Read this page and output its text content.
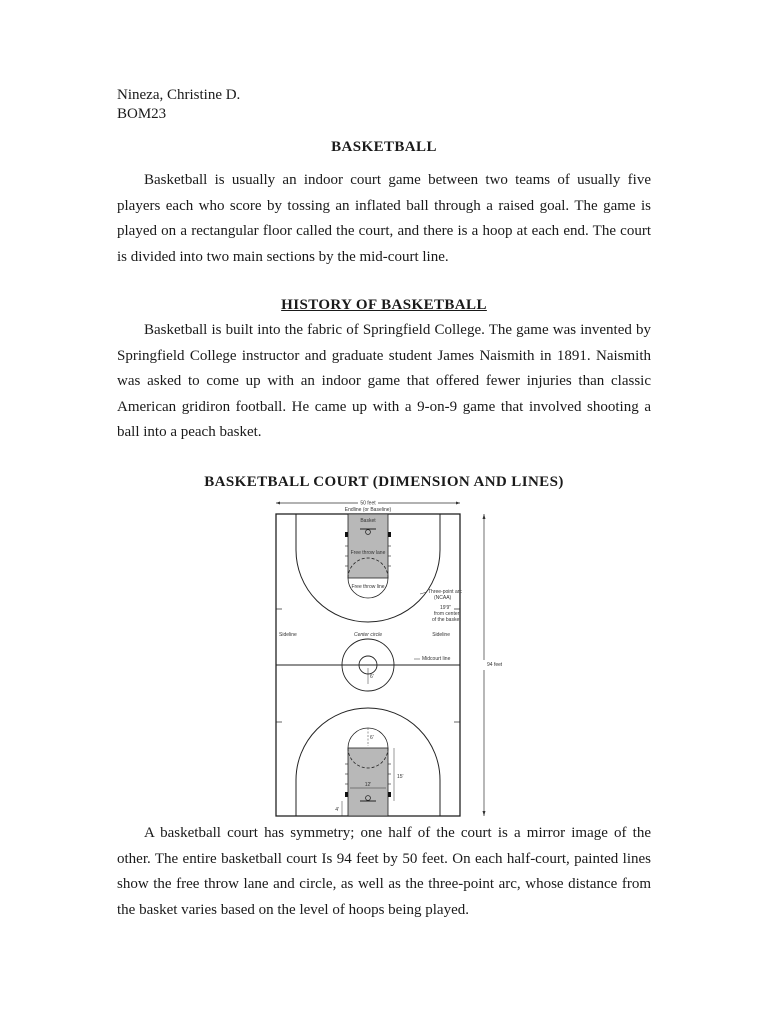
Nineza, Christine D.
BOM23
BASKETBALL

Basketball is usually an indoor court game between two teams of usually five players each who score by tossing an inflated ball through a raised goal. The game is played on a rectangular floor called the court, and there is a hoop at each end. The court is divided into two main sections by the mid-court line.

HISTORY OF BASKETBALL

Basketball is built into the fabric of Springfield College. The game was invented by Springfield College instructor and graduate student James Naismith in 1891. Naismith was asked to come up with an indoor game that offered fewer injuries than classic American gridiron football. He came up with a 9-on-9 game that involved shooting a ball into a peach basket.

BASKETBALL COURT (DIMENSION AND LINES)
50 feet
Endline (or Baseline)
Basket
Free throw lane
Free throw line
Three-point arc
(NCAA)
19'9"
from center
of the basket
Sideline	Sideline
6'
Center circle
Midcourt line
6'
12'
4'
15'
94 feet

A basketball court has symmetry; one half of the court is a mirror image of the other. The entire basketball court Is 94 feet by 50 feet. On each half-court, painted lines show the free throw lane and circle, as well as the three-point arc, whose distance from the basket varies based on the level of hoops being played.
